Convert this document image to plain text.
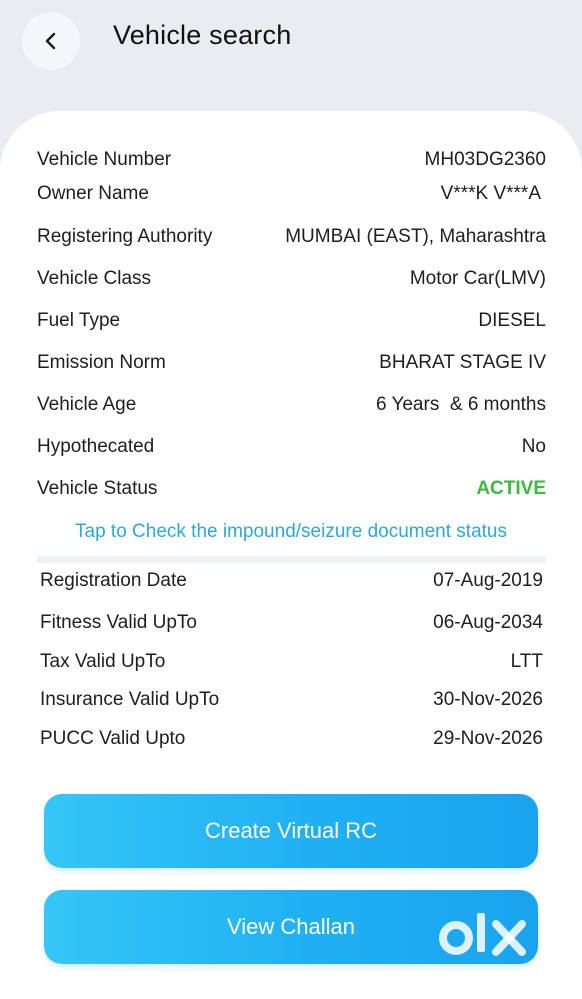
Vehicle search
Vehicle Number	MH03DG2360
Owner Name	V***K V***A
Registering Authority	MUMBAI (EAST), Maharashtra
Vehicle Class	Motor Car(LMV)
Fuel Type	DIESEL
Emission Norm	BHARAT STAGE IV
Vehicle Age	6 Years  & 6 months
Hypothecated	No
Vehicle Status	ACTIVE
Tap to Check the impound/seizure document status
Registration Date	07-Aug-2019
Fitness Valid UpTo	06-Aug-2034
Tax Valid UpTo	LTT
Insurance Valid UpTo	30-Nov-2026
PUCC Valid Upto	29-Nov-2026
Create Virtual RC
View Challan
